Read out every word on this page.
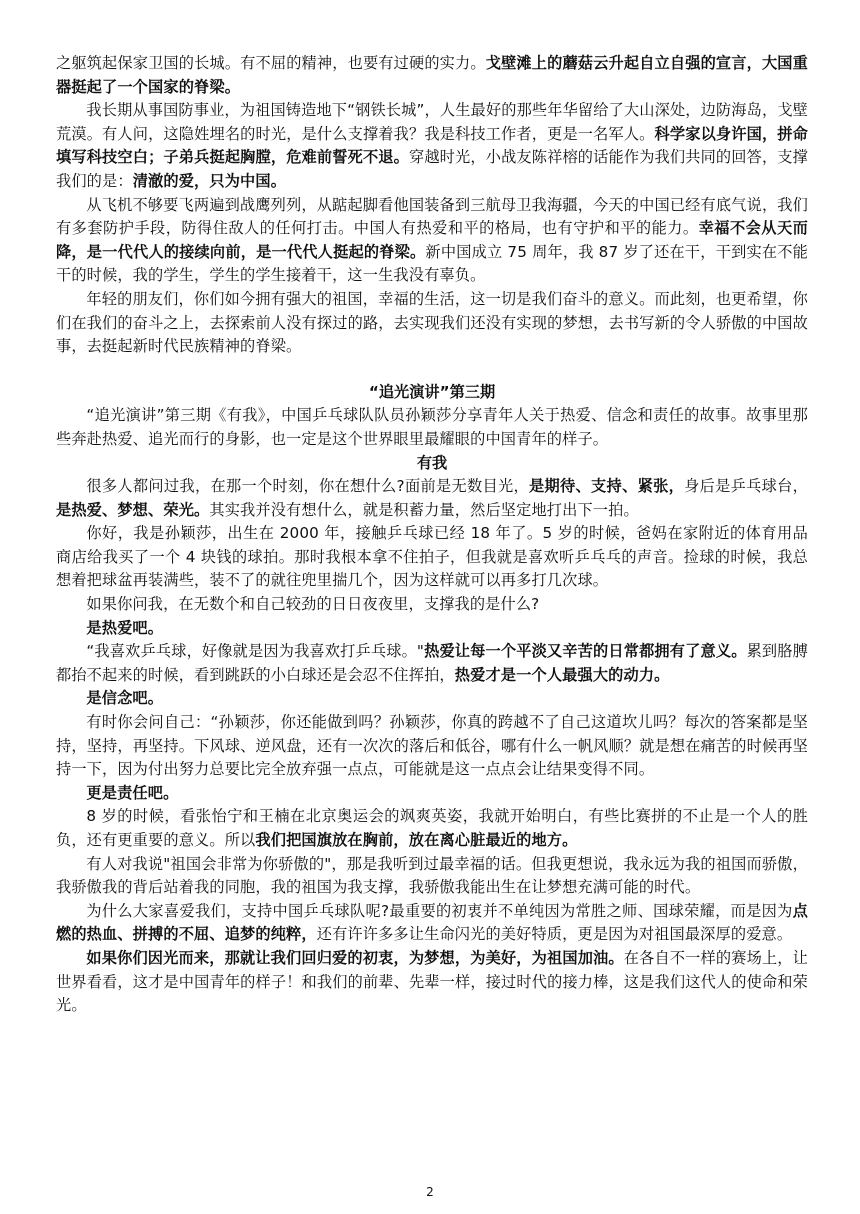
之躯筑起保家卫国的长城。有不屈的精神，也要有过硬的实力。戈壁滩上的蘑菇云升起自立自强的宣言，大国重器挺起了一个国家的脊梁。

我长期从事国防事业，为祖国铸造地下“钢铁长城”，人生最好的那些年华留给了大山深处，边防海岛，戈壁荒漠。有人问，这隐姓埋名的时光，是什么支撑着我？我是科技工作者，更是一名军人。科学家以身许国，拼命填写科技空白；子弟兵挺起胸膛，危难前誓死不退。穿越时光，小战友陈祥榕的话能作为我们共同的回答，支撑我们的是：清澈的爱，只为中国。

从飞机不够要飞两遍到战鹰列列，从踮起脚看他国装备到三航母卫我海疆，今天的中国已经有底气说，我们有多套防护手段，防得住敌人的任何打击。中国人有热爱和平的格局，也有守护和平的能力。幸福不会从天而降，是一代代人的接续向前，是一代代人挺起的脊梁。新中国成立 75 周年，我 87 岁了还在干，干到实在不能干的时候，我的学生，学生的学生接着干，这一生我没有辜负。

年轻的朋友们，你们如今拥有强大的祖国，幸福的生活，这一切是我们奋斗的意义。而此刻，也更希望，你们在我们的奋斗之上，去探索前人没有探过的路，去实现我们还没有实现的梦想，去书写新的令人骄傲的中国故事，去挺起新时代民族精神的脊梁。

“追光演讲”第三期

“追光演讲”第三期《有我》，中国乒乓球队队员孙颖莎分享青年人关于热爱、信念和责任的故事。故事里那些奔赴热爱、追光而行的身影，也一定是这个世界眼里最耀眼的中国青年的样子。

有我

很多人都问过我，在那一个时刻，你在想什么?面前是无数目光，是期待、支持、紧张，身后是乒乓球台，是热爱、梦想、荣光。其实我并没有想什么，就是积蓄力量，然后坚定地打出下一拍。

你好，我是孙颖莎，出生在 2000 年，接触乒乓球已经 18 年了。5 岁的时候，爸妈在家附近的体育用品商店给我买了一个 4 块钱的球拍。那时我根本拿不住拍子，但我就是喜欢听乒乓乓的声音。捡球的时候，我总想着把球盆再装满些，装不了的就往兜里揣几个，因为这样就可以再多打几次球。

如果你问我，在无数个和自己较劲的日日夜夜里，支撑我的是什么?

是热爱吧。

“我喜欢乒乓球，好像就是因为我喜欢打乒乓球。"热爱让每一个平淡又辛苦的日常都拥有了意义。累到胳膊都抬不起来的时候，看到跳跃的小白球还是会忍不住挥拍，热爱才是一个人最强大的动力。

是信念吧。

有时你会问自己：“孙颖莎，你还能做到吗？孙颖莎，你真的跨越不了自己这道坎儿吗？每次的答案都是坚持，坚持，再坚持。下风球、逆风盘，还有一次次的落后和低谷，哪有什么一帆风顺？就是想在痛苦的时候再坚持一下，因为付出努力总要比完全放弃强一点点，可能就是这一点点会让结果变得不同。

更是责任吧。

8 岁的时候，看张怡宁和王楠在北京奥运会的飒爽英姿，我就开始明白，有些比赛拼的不止是一个人的胜负，还有更重要的意义。所以我们把国旗放在胸前，放在离心脏最近的地方。

有人对我说"祖国会非常为你骄傲的"，那是我听到过最幸福的话。但我更想说，我永远为我的祖国而骄傲，我骄傲我的背后站着我的同胞，我的祖国为我支撑，我骄傲我能出生在让梦想充满可能的时代。

为什么大家喜爱我们，支持中国乒乓球队呢?最重要的初衷并不单纯因为常胜之师、国球荣耀，而是因为点燃的热血、拼搏的不屈、追梦的纯粹，还有许许多多让生命闪光的美好特质，更是因为对祖国最深厚的爱意。

如果你们因光而来，那就让我们回归爱的初衷，为梦想，为美好，为祖国加油。在各自不一样的赛场上，让世界看看，这才是中国青年的样子！和我们的前辈、先辈一样，接过时代的接力棒，这是我们这代人的使命和荣光。

2
